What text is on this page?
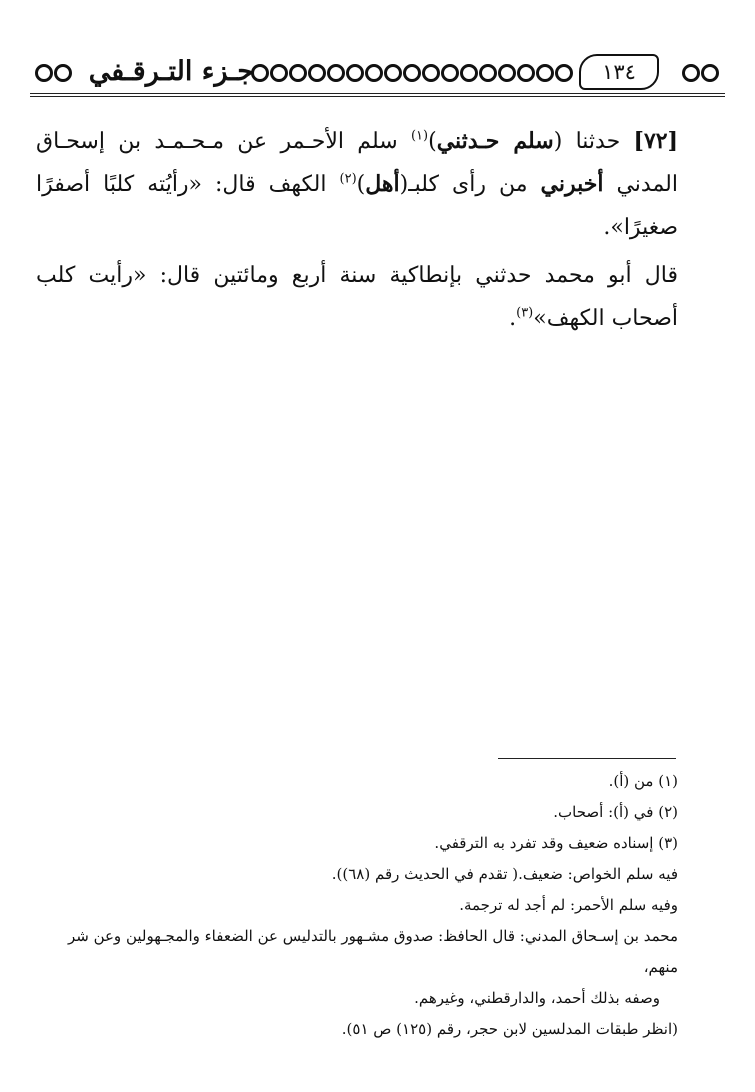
جـزء التـرقـفي	١٣٤

[٧٢] حدثنا (سلم حـدثني)$^{(١)}$ سلم الأحـمر عن مـحـمـد بن إسحـاق المدني أخبرني من رأى كلبـ(أهل)$^{(٢)}$ الكهف قال: «رأيُته كلبًا أصفرًا صغيرًا».

قال أبو محمد حدثني بإنطاكية سنة أربع ومائتين قال: «رأيت كلب أصحاب الكهف»$^{(٣)}$.

(١) من (أ).

(٢) في (أ): أصحاب.

(٣) إسناده ضعيف وقد تفرد به الترقفي.

فيه سلم الخواص: ضعيف.( تقدم في الحديث رقم (٦٨)).

وفيه سلم الأحمر: لم أجد له ترجمة.

محمد بن إسـحاق المدني: قال الحافظ: صدوق مشـهور بالتدليس عن الضعفاء والمجـهولين وعن شر منهم،

وصفه بذلك أحمد، والدارقطني، وغيرهم.

(انظر طبقات المدلسين لابن حجر، رقم (١٢٥) ص ٥١).
